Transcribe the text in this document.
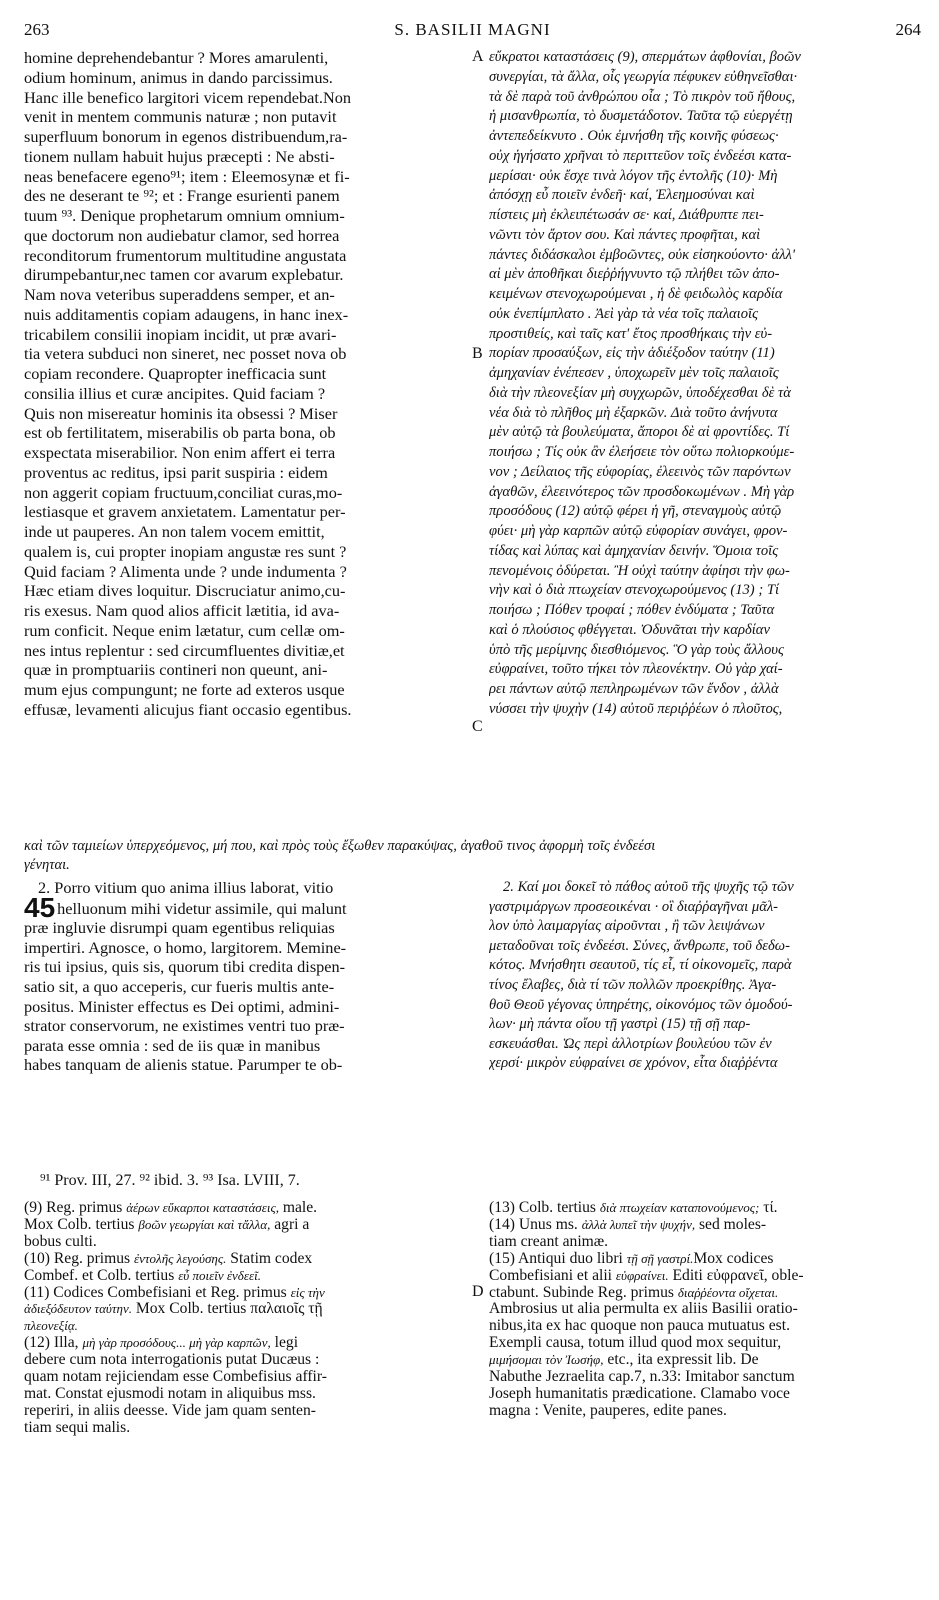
263	S. BASILII MAGNI	264
A
B
C
D
homine deprehendebantur ? Mores amarulenti,
odium hominum, animus in dando parcissimus.
Hanc ille benefico largitori vicem rependebat.Non
venit in mentem communis naturæ ; non putavit
superfluum bonorum in egenos distribuendum,ra-
tionem nullam habuit hujus præcepti : Ne absti-
neas benefacere egeno⁹¹; item : Eleemosynæ et fi-
des ne deserant te ⁹²; et : Frange esurienti panem
tuum ⁹³. Denique prophetarum omnium omnium-
que doctorum non audiebatur clamor, sed horrea
reconditorum frumentorum multitudine angustata
dirumpebantur,nec tamen cor avarum explebatur.
Nam nova veteribus superaddens semper, et an-
nuis additamentis copiam adaugens, in hanc inex-
tricabilem consilii inopiam incidit, ut præ avari-
tia vetera subduci non sineret, nec posset nova ob
copiam recondere. Quapropter inefficacia sunt
consilia illius et curæ ancipites. Quid faciam ?
Quis non misereatur hominis ita obsessi ? Miser
est ob fertilitatem, miserabilis ob parta bona, ob
exspectata miserabilior. Non enim affert ei terra
proventus ac reditus, ipsi parit suspiria : eidem
non aggerit copiam fructuum,conciliat curas,mo-
lestiasque et gravem anxietatem. Lamentatur per-
inde ut pauperes. An non talem vocem emittit,
qualem is, cui propter inopiam angustæ res sunt ?
Quid faciam ? Alimenta unde ? unde indumenta ?
Hæc etiam dives loquitur. Discruciatur animo,cu-
ris exesus. Nam quod alios afficit lætitia, id ava-
rum conficit. Neque enim lætatur, cum cellæ om-
nes intus replentur : sed circumfluentes divitiæ,et
quæ in promptuariis contineri non queunt, ani-
mum ejus compungunt; ne forte ad exteros usque
effusæ, levamenti alicujus fiant occasio egentibus.
εὔκρατοι καταστάσεις (9), σπερμάτων ἀφθονίαι, βοῶν
συνεργίαι, τὰ ἄλλα, οἷς γεωργία πέφυκεν εὐθηνεῖσθαι·
τὰ δὲ παρὰ τοῦ ἀνθρώπου οἷα ; Τὸ πικρὸν τοῦ ἤθους,
ἡ μισανθρωπία, τὸ δυσμετάδοτον. Ταῦτα τῷ εὐεργέτῃ
ἀντεπεδείκνυτο . Οὐκ ἐμνήσθη τῆς κοινῆς φύσεως·
οὐχ ἡγήσατο χρῆναι τὸ περιττεῦον τοῖς ἐνδεέσι κατα-
μερίσαι· οὐκ ἔσχε τινὰ λόγον τῆς ἐντολῆς (10)· Μὴ
ἀπόσχῃ εὖ ποιεῖν ἐνδεῆ· καί, Ἐλεημοσύναι καὶ
πίστεις μὴ ἐκλειπέτωσάν σε· καί, Διάθρυπτε πει-
νῶντι τὸν ἄρτον σου. Καὶ πάντες προφῆται, καὶ
πάντες διδάσκαλοι ἐμβοῶντες, οὐκ εἰσηκούοντο· ἀλλ'
αἱ μὲν ἀποθῆκαι διεῤῥήγνυντο τῷ πλήθει τῶν ἀπο-
κειμένων στενοχωρούμεναι , ἡ δὲ φειδωλὸς καρδία
οὐκ ἐνεπίμπλατο . Ἀεὶ γὰρ τὰ νέα τοῖς παλαιοῖς
προστιθείς, καὶ ταῖς κατ' ἔτος προσθήκαις τὴν εὐ-
πορίαν προσαύξων, εἰς τὴν ἀδιέξοδον ταύτην (11)
ἀμηχανίαν ἐνέπεσεν , ὑποχωρεῖν μὲν τοῖς παλαιοῖς
διὰ τὴν πλεονεξίαν μὴ συγχωρῶν, ὑποδέχεσθαι δὲ τὰ
νέα διὰ τὸ πλῆθος μὴ ἐξαρκῶν. Διὰ τοῦτο ἀνήνυτα
μὲν αὐτῷ τὰ βουλεύματα, ἄποροι δὲ αἱ φροντίδες. Τί
ποιήσω ; Τίς οὐκ ἂν ἐλεήσειε τὸν οὕτω πολιορκούμε-
νον ; Δείλαιος τῆς εὐφορίας, ἐλεεινὸς τῶν παρόντων
ἀγαθῶν, ἐλεεινότερος τῶν προσδοκωμένων . Μὴ γὰρ
προσόδους (12) αὐτῷ φέρει ἡ γῆ, στεναγμοὺς αὐτῷ
φύει· μὴ γὰρ καρπῶν αὐτῷ εὐφορίαν συνάγει, φρον-
τίδας καὶ λύπας καὶ ἀμηχανίαν δεινήν. Ὅμοια τοῖς
πενομένοις ὀδύρεται. Ἢ οὐχὶ ταύτην ἀφίησι τὴν φω-
νὴν καὶ ὁ διὰ πτωχείαν στενοχωρούμενος (13) ; Τί
ποιήσω ; Πόθεν τροφαί ; πόθεν ἐνδύματα ; Ταῦτα
καὶ ὁ πλούσιος φθέγγεται. Ὀδυνᾶται τὴν καρδίαν
ὑπὸ τῆς μερίμνης διεσθιόμενος. Ὃ γὰρ τοὺς ἄλλους
εὐφραίνει, τοῦτο τήκει τὸν πλεονέκτην. Οὐ γὰρ χαί-
ρει πάντων αὐτῷ πεπληρωμένων τῶν ἔνδον , ἀλλὰ
νύσσει τὴν ψυχὴν (14) αὐτοῦ περιῤῥέων ὁ πλοῦτος,
καὶ τῶν ταμιείων ὑπερχεόμενος, μή που, καὶ πρὸς τοὺς ἔξωθεν παρακύψας, ἀγαθοῦ τινος ἀφορμὴ τοῖς ἐνδεέσι
γένηται.
2. Porro vitium quo anima illius laborat, vitio
45 helluonum mihi videtur assimile, qui malunt
præ ingluvie disrumpi quam egentibus reliquias
impertiri. Agnosce, o homo, largitorem. Memine-
ris tui ipsius, quis sis, quorum tibi credita dispen-
satio sit, a quo acceperis, cur fueris multis ante-
positus. Minister effectus es Dei optimi, admini-
strator conservorum, ne existimes ventri tuo præ-
parata esse omnia : sed de iis quæ in manibus
habes tanquam de alienis statue. Parumper te ob-
2. Καί μοι δοκεῖ τὸ πάθος αὐτοῦ τῆς ψυχῆς τῷ τῶν
γαστριμάργων προσεοικέναι · οἳ διαῤῥαγῆναι μᾶλ-
λον ὑπὸ λαιμαργίας αἱροῦνται , ἢ τῶν λειψάνων
μεταδοῦναι τοῖς ἐνδεέσι. Σύνες, ἄνθρωπε, τοῦ δεδω-
κότος. Μνήσθητι σεαυτοῦ, τίς εἶ, τί οἰκονομεῖς, παρὰ
τίνος ἔλαβες, διὰ τί τῶν πολλῶν προεκρίθης. Ἀγα-
θοῦ Θεοῦ γέγονας ὑπηρέτης, οἰκονόμος τῶν ὁμοδού-
λων· μὴ πάντα οἴου τῇ γαστρὶ (15) τῇ σῇ παρ-
εσκευάσθαι. Ὡς περὶ ἀλλοτρίων βουλεύου τῶν ἐν
χερσί· μικρὸν εὐφραίνει σε χρόνον, εἶτα διαῤῥέντα
⁹¹ Prov. III, 27. ⁹² ibid. 3. ⁹³ Isa. LVIII, 7.
(9) Reg. primus ἀέρων εὔκαρποι καταστάσεις, male.
Mox Colb. tertius βοῶν γεωργίαι καὶ τἄλλα, agri a
bobus culti.
(10) Reg. primus ἐντολῆς λεγούσης. Statim codex
Combef. et Colb. tertius εὖ ποιεῖν ἐνδεεῖ.
(11) Codices Combefisiani et Reg. primus εἰς τὴν
ἀδιεξόδευτον ταύτην. Mox Colb. tertius παλαιοῖς τῇ
πλεονεξίᾳ.
(12) Illa, μὴ γὰρ προσόδους... μὴ γὰρ καρπῶν, legi
debere cum nota interrogationis putat Ducæus :
quam notam rejiciendam esse Combefisius affir-
mat. Constat ejusmodi notam in aliquibus mss.
reperiri, in aliis deesse. Vide jam quam senten-
tiam sequi malis.
(13) Colb. tertius διὰ πτωχείαν καταπονούμενος; τί.
(14) Unus ms. ἀλλὰ λυπεῖ τὴν ψυχήν, sed moles-
tiam creant animæ.
(15) Antiqui duo libri τῇ σῇ γαστρί.Mox codices
Combefisiani et alii εὐφραίνει. Editi εὐφρανεῖ, oble-
ctabunt. Subinde Reg. primus διαῤῥέοντα οἴχεται.
Ambrosius ut alia permulta ex aliis Basilii oratio-
nibus,ita ex hac quoque non pauca mutuatus est.
Exempli causa, totum illud quod mox sequitur,
μιμήσομαι τὸν Ἰωσήφ, etc., ita expressit lib. De
Nabuthe Jezraelita cap.7, n.33: Imitabor sanctum
Joseph humanitatis prædicatione. Clamabo voce
magna : Venite, pauperes, edite panes.
